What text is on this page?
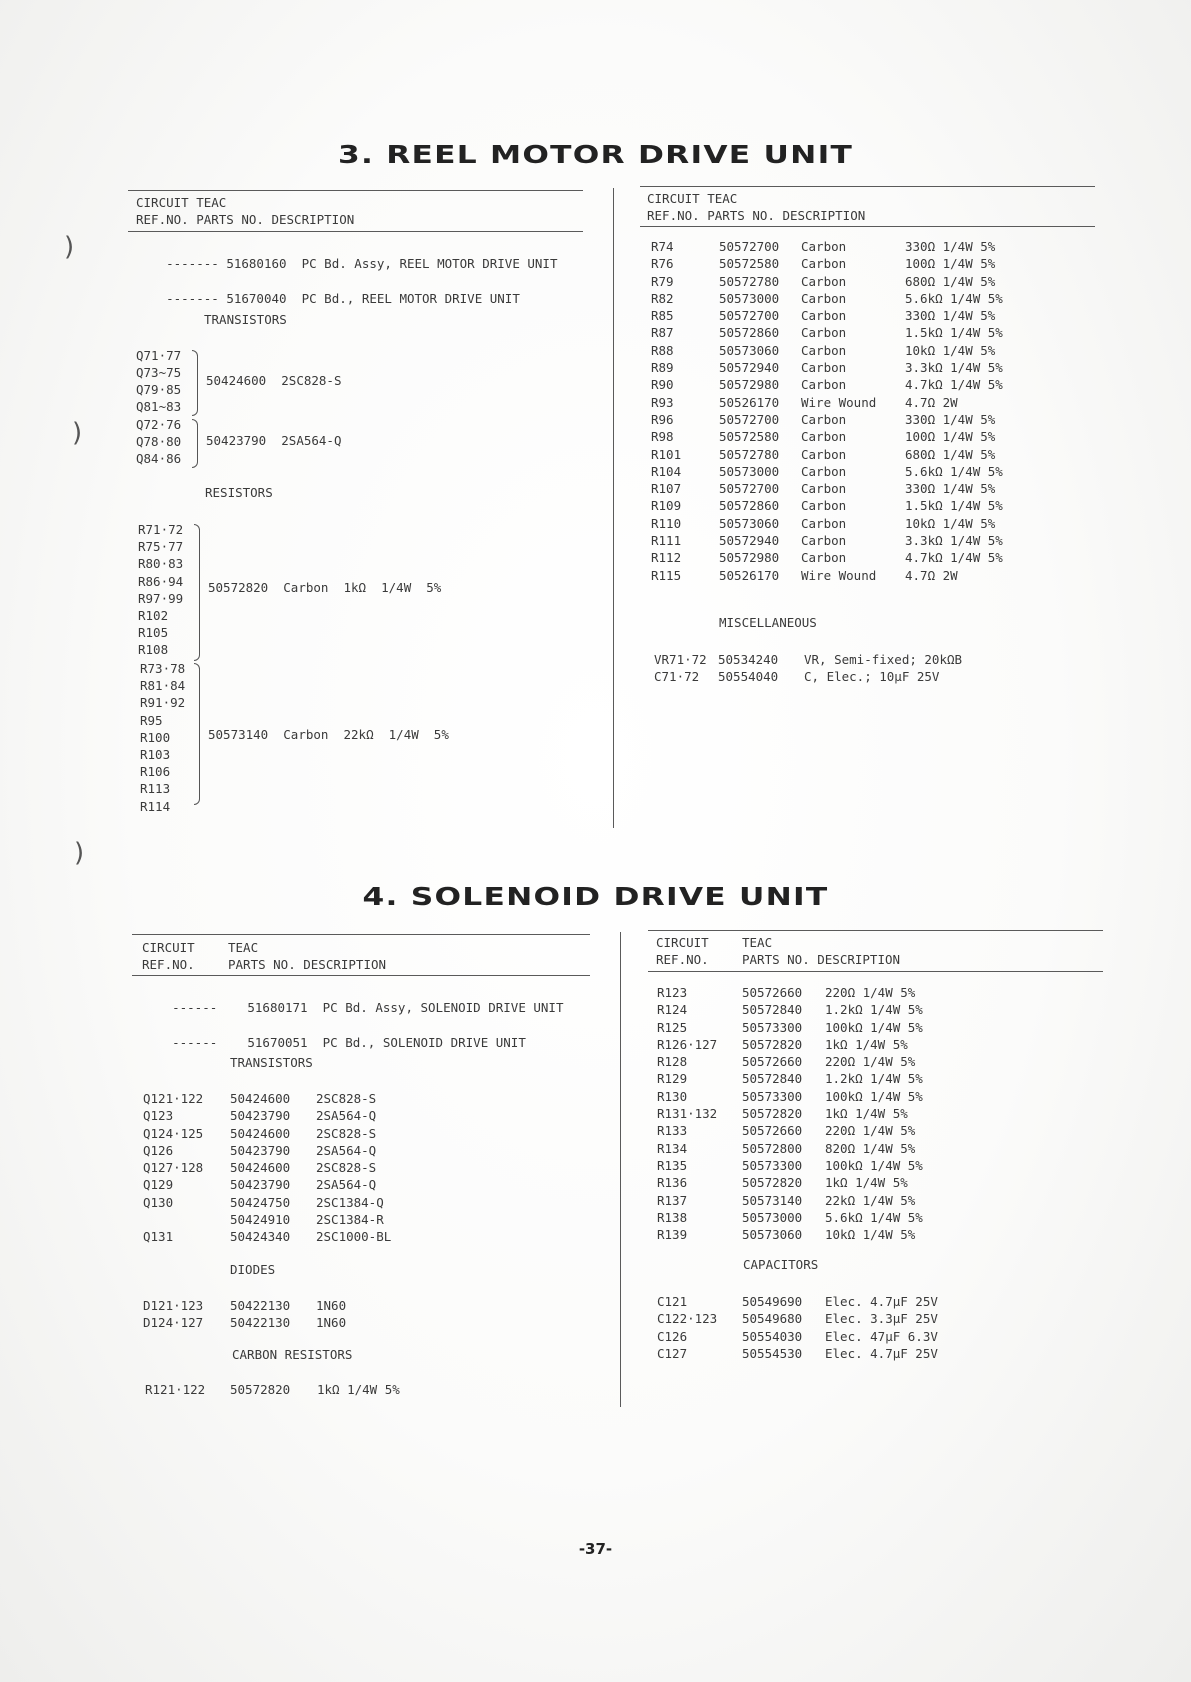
3. REEL MOTOR DRIVE UNIT
CIRCUIT TEAC
REF.NO. PARTS NO. DESCRIPTION
CIRCUIT TEAC
REF.NO. PARTS NO. DESCRIPTION

------- 51680160 PC Bd. Assy, REEL MOTOR DRIVE UNIT

------- 51670040 PC Bd., REEL MOTOR DRIVE UNIT

TRANSISTORS
Q71·77
Q73~75
Q79·85
Q81~83
50424600 2SC828-S
Q72·76
Q78·80
Q84·86
50423790 2SA564-Q
RESISTORS
R71·72
R75·77
R80·83
R86·94
R97·99
R102
R105
R108
50572820 Carbon  1kΩ  1/4W  5%
R73·78
R81·84
R91·92
R95
R100
R103
R106
R113
R114
50573140 Carbon  22kΩ  1/4W  5%
R74	50572700 Carbon	330Ω 1/4W 5%
R76	50572580 Carbon	100Ω 1/4W 5%
R79	50572780 Carbon	680Ω 1/4W 5%
R82	50573000 Carbon	5.6kΩ 1/4W 5%
R85	50572700 Carbon	330Ω 1/4W 5%
R87	50572860 Carbon	1.5kΩ 1/4W 5%
R88	50573060 Carbon	10kΩ 1/4W 5%
R89	50572940 Carbon	3.3kΩ 1/4W 5%
R90	50572980 Carbon	4.7kΩ 1/4W 5%
R93	50526170 Wire Wound 4.7Ω 2W
R96	50572700 Carbon	330Ω 1/4W 5%
R98	50572580 Carbon	100Ω 1/4W 5%
R101	50572780 Carbon	680Ω 1/4W 5%
R104	50573000 Carbon	5.6kΩ 1/4W 5%
R107	50572700 Carbon	330Ω 1/4W 5%
R109	50572860 Carbon	1.5kΩ 1/4W 5%
R110	50573060 Carbon	10kΩ 1/4W 5%
R111	50572940 Carbon	3.3kΩ 1/4W 5%
R112	50572980 Carbon	4.7kΩ 1/4W 5%
R115	50526170 Wire Wound 4.7Ω 2W
MISCELLANEOUS
VR71·72 50534240 VR, Semi-fixed; 20kΩB
C71·72 50554040 C, Elec.; 10μF 25V
4. SOLENOID DRIVE UNIT
CIRCUIT	TEAC
REF.NO.	PARTS NO. DESCRIPTION
CIRCUIT	TEAC
REF.NO.	PARTS NO. DESCRIPTION

------ 51680171 PC Bd. Assy, SOLENOID DRIVE UNIT

------ 51670051 PC Bd., SOLENOID DRIVE UNIT

TRANSISTORS
Q121·122 50424600 2SC828-S
Q123	50423790 2SA564-Q
Q124·125 50424600 2SC828-S
Q126	50423790 2SA564-Q
Q127·128 50424600 2SC828-S
Q129	50423790 2SA564-Q
Q130	50424750 2SC1384-Q
50424910 2SC1384-R
Q131	50424340 2SC1000-BL
DIODES
D121·123 50422130 1N60
D124·127 50422130 1N60
CARBON RESISTORS
R121·122 50572820 1kΩ 1/4W 5%
R123	50572660 220Ω 1/4W 5%
R124	50572840 1.2kΩ 1/4W 5%
R125	50573300 100kΩ 1/4W 5%
R126·127 50572820 1kΩ 1/4W 5%
R128	50572660 220Ω 1/4W 5%
R129	50572840 1.2kΩ 1/4W 5%
R130	50573300 100kΩ 1/4W 5%
R131·132 50572820 1kΩ 1/4W 5%
R133	50572660 220Ω 1/4W 5%
R134	50572800 820Ω 1/4W 5%
R135	50573300 100kΩ 1/4W 5%
R136	50572820 1kΩ 1/4W 5%
R137	50573140 22kΩ 1/4W 5%
R138	50573000 5.6kΩ 1/4W 5%
R139	50573060 10kΩ 1/4W 5%
CAPACITORS
C121	50549690 Elec. 4.7μF 25V
C122·123 50549680 Elec. 3.3μF 25V
C126	50554030 Elec. 47μF 6.3V
C127	50554530 Elec. 4.7μF 25V
)
)
)
-37-
